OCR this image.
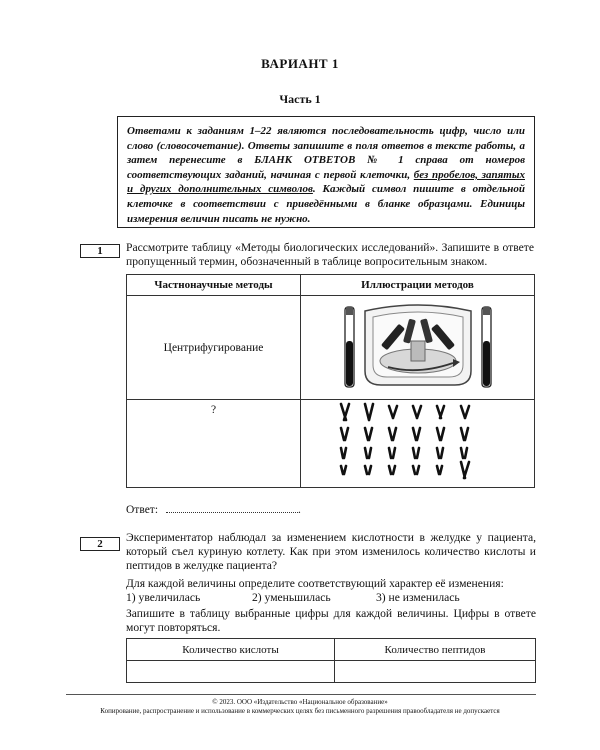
ВАРИАНТ 1
Часть 1
Ответами к заданиям 1–22 являются последовательность цифр, число или слово (словосочетание). Ответы запишите в поля ответов в тексте работы, а затем перенесите в БЛАНК ОТВЕТОВ № 1 справа от номеров соответствующих заданий, начиная с первой клеточки, без пробелов, запятых и других дополнительных символов. Каждый символ пишите в отдельной клеточке в соответствии с приведёнными в бланке образцами. Единицы измерения величин писать не нужно.
1	Рассмотрите таблицу «Методы биологических исследований». Запишите в ответе пропущенный термин, обозначенный в таблице вопросительным знаком.
Частнонаучные методы	Иллюстрации методов
Центрифугирование	
?	
Ответ:	.
2	Экспериментатор наблюдал за изменением кислотности в желудке у пациента, который съел куриную котлету. Как при этом изменилось количество кислоты и пептидов в желудке пациента?
Для каждой величины определите соответствующий характер её изменения:
1) увеличилась	2) уменьшилась	3) не изменилась
Запишите в таблицу выбранные цифры для каждой величины. Цифры в ответе могут повторяться.
Количество кислоты	Количество пептидов

© 2023. ООО «Издательство «Национальное образование»
Копирование, распространение и использование в коммерческих целях без письменного разрешения правообладателя не допускается
